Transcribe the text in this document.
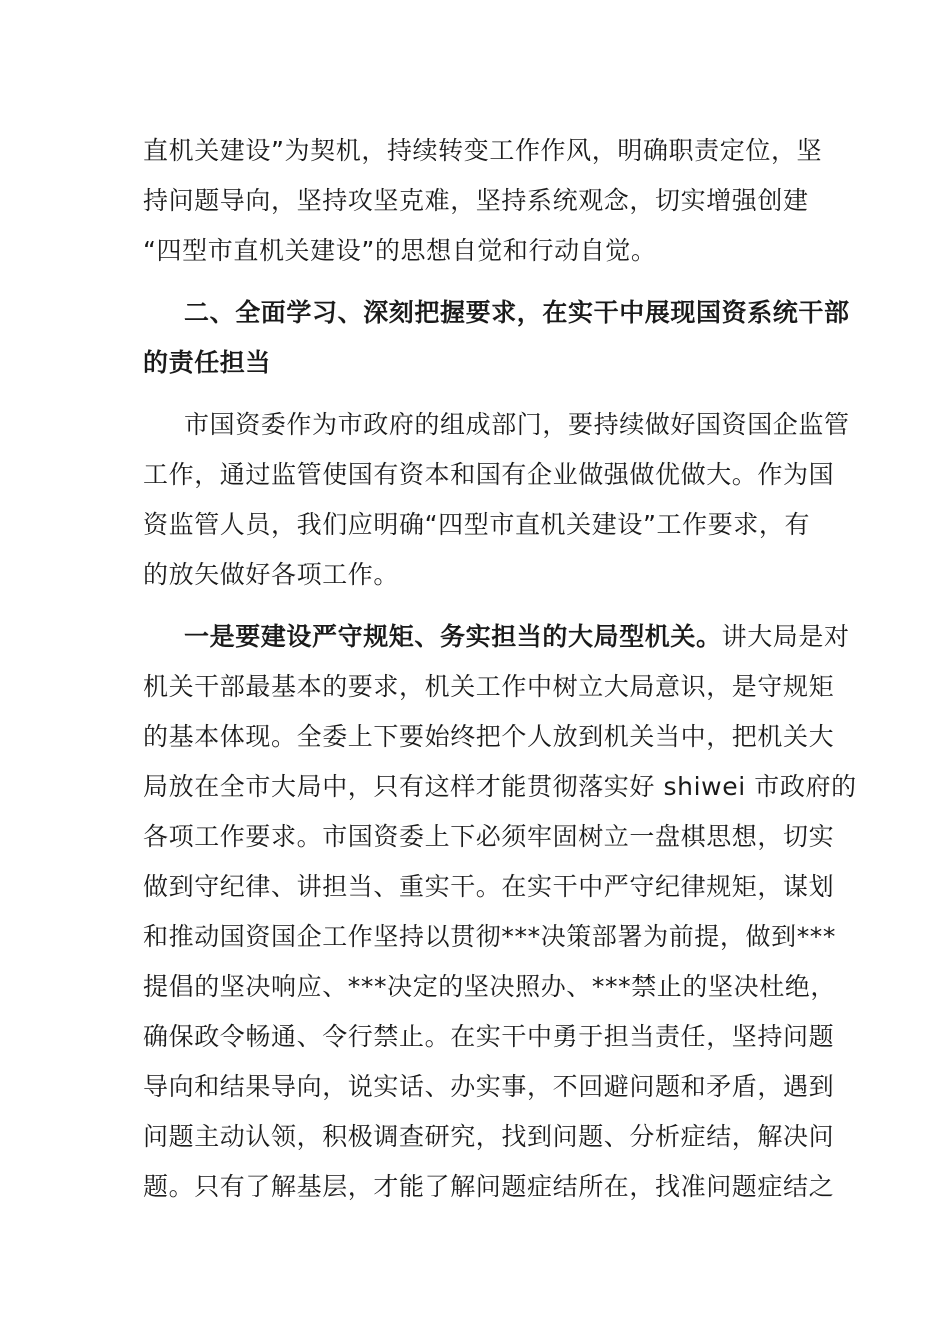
直机关建设”为契机，持续转变工作作风，明确职责定位，坚
持问题导向，坚持攻坚克难，坚持系统观念，切实增强创建
“四型市直机关建设”的思想自觉和行动自觉。
二、全面学习、深刻把握要求，在实干中展现国资系统干部
的责任担当
市国资委作为市政府的组成部门，要持续做好国资国企监管
工作，通过监管使国有资本和国有企业做强做优做大。作为国
资监管人员，我们应明确“四型市直机关建设”工作要求，有
的放矢做好各项工作。
一是要建设严守规矩、务实担当的大局型机关。讲大局是对
机关干部最基本的要求，机关工作中树立大局意识，是守规矩
的基本体现。全委上下要始终把个人放到机关当中，把机关大
局放在全市大局中，只有这样才能贯彻落实好 shiwei 市政府的
各项工作要求。市国资委上下必须牢固树立一盘棋思想，切实
做到守纪律、讲担当、重实干。在实干中严守纪律规矩，谋划
和推动国资国企工作坚持以贯彻***决策部署为前提，做到***
提倡的坚决响应、***决定的坚决照办、***禁止的坚决杜绝，
确保政令畅通、令行禁止。在实干中勇于担当责任，坚持问题
导向和结果导向，说实话、办实事，不回避问题和矛盾，遇到
问题主动认领，积极调查研究，找到问题、分析症结，解决问
题。只有了解基层，才能了解问题症结所在，找准问题症结之
